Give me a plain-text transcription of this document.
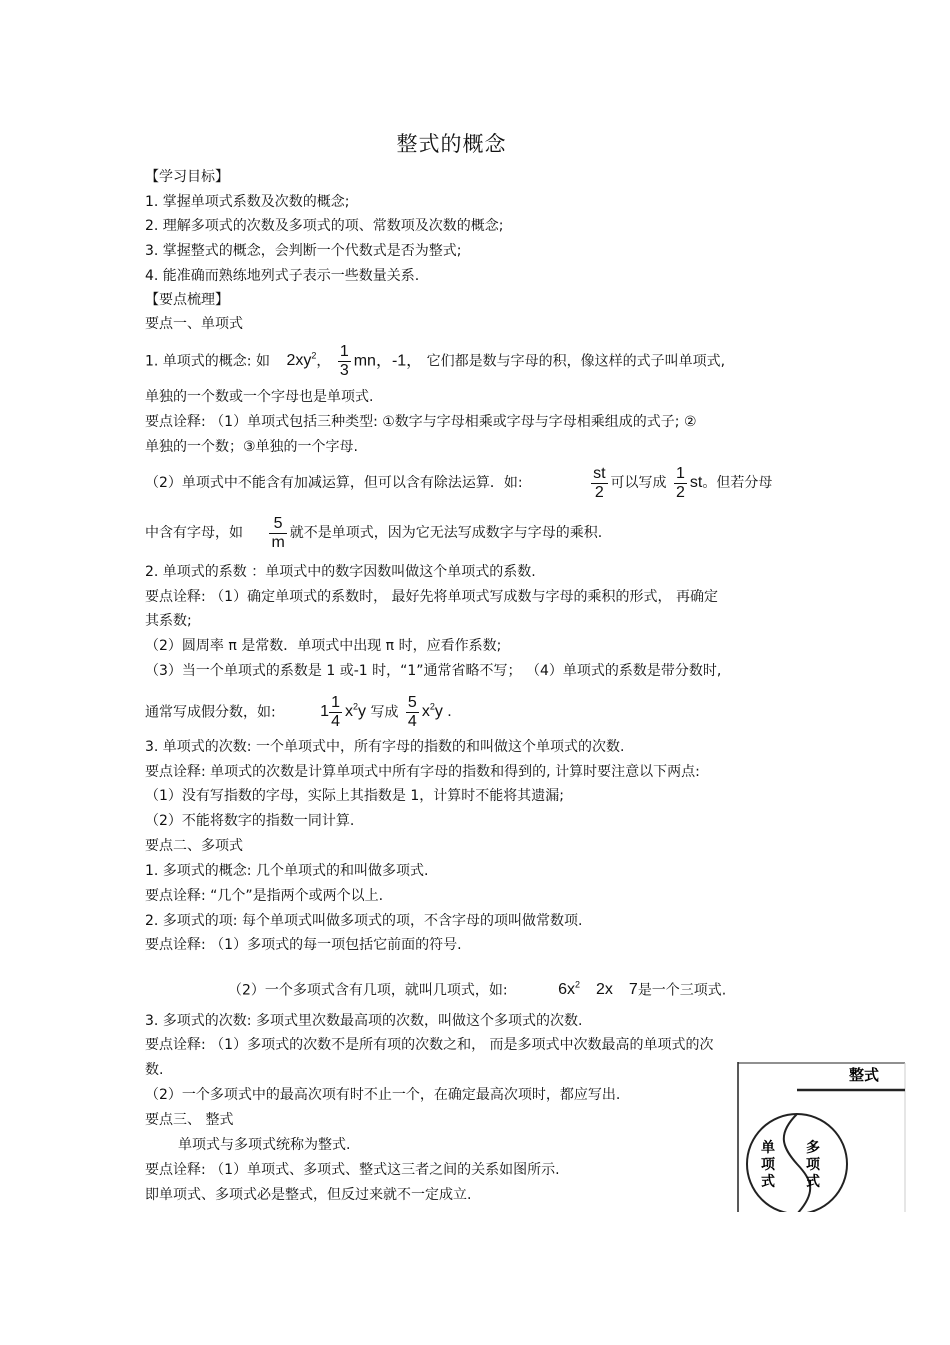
整式的概念
【学习目标】
1. 掌握单项式系数及次数的概念;
2. 理解多项式的次数及多项式的项、常数项及次数的概念;
3. 掌握整式的概念，会判断一个代数式是否为整式;
4. 能准确而熟练地列式子表示一些数量关系.
【要点梳理】
要点一、单项式
1. 单项式的概念: 如 $2xy^2$， $\frac{1}{3}$ mn，-1， 它们都是数与字母的积，像这样的式子叫单项式,
单独的一个数或一个字母也是单项式.
要点诠释: （1）单项式包括三种类型: ①数字与字母相乘或字母与字母相乘组成的式子; ②
单独的一个数；③单独的一个字母.
（2）单项式中不能含有加减运算，但可以含有除法运算．如:	$\frac{st}{2}$ 可以写成 $\frac{1}{2}$ st。但若分母
中含有字母，如 $\frac{5}{m}$ 就不是单项式，因为它无法写成数字与字母的乘积.
2. 单项式的系数 ：单项式中的数字因数叫做这个单项式的系数.
要点诠释: （1）确定单项式的系数时， 最好先将单项式写成数与字母的乘积的形式， 再确定
其系数;
（2）圆周率 π 是常数．单项式中出现 π 时，应看作系数;
（3）当一个单项式的系数是 1 或-1 时，“1”通常省略不写； （4）单项式的系数是带分数时,
通常写成假分数，如:	$1 \frac{1}{4} x^2y$ 写成 $\frac{5}{4} x^2y$ .
3. 单项式的次数: 一个单项式中，所有字母的指数的和叫做这个单项式的次数.
要点诠释: 单项式的次数是计算单项式中所有字母的指数和得到的, 计算时要注意以下两点:
（1）没有写指数的字母，实际上其指数是 1，计算时不能将其遗漏;
（2）不能将数字的指数一同计算.
要点二、多项式
1. 多项式的概念: 几个单项式的和叫做多项式.
要点诠释: “几个”是指两个或两个以上.
2. 多项式的项: 每个单项式叫做多项式的项，不含字母的项叫做常数项.
要点诠释: （1）多项式的每一项包括它前面的符号.
（2）一个多项式含有几项，就叫几项式，如:	$6x^2$ 2x 7是一个三项式.
3. 多项式的次数: 多项式里次数最高项的次数，叫做这个多项式的次数.
要点诠释: （1）多项式的次数不是所有项的次数之和， 而是多项式中次数最高的单项式的次
数.
（2）一个多项式中的最高次项有时不止一个，在确定最高次项时，都应写出.
要点三、 整式
单项式与多项式统称为整式.
要点诠释: （1）单项式、多项式、整式这三者之间的关系如图所示.
即单项式、多项式必是整式，但反过来就不一定成立.
整式
单
项
式
多
项
式
